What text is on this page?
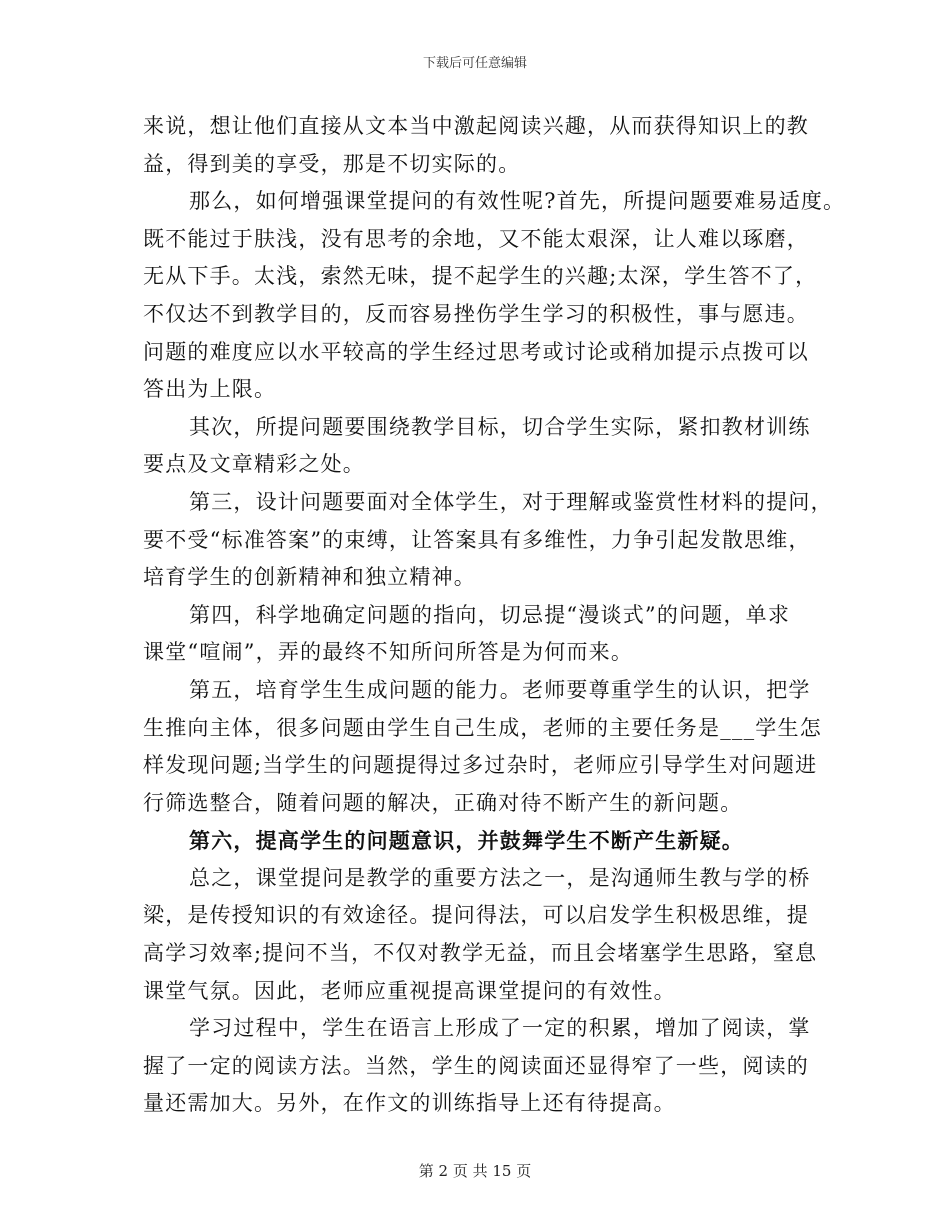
下载后可任意编辑
来说，想让他们直接从文本当中激起阅读兴趣，从而获得知识上的教
益，得到美的享受，那是不切实际的。
那么，如何增强课堂提问的有效性呢?首先，所提问题要难易适度。
既不能过于肤浅，没有思考的余地，又不能太艰深，让人难以琢磨，
无从下手。太浅，索然无味，提不起学生的兴趣;太深，学生答不了，
不仅达不到教学目的，反而容易挫伤学生学习的积极性，事与愿违。
问题的难度应以水平较高的学生经过思考或讨论或稍加提示点拨可以
答出为上限。
其次，所提问题要围绕教学目标，切合学生实际，紧扣教材训练
要点及文章精彩之处。
第三，设计问题要面对全体学生，对于理解或鉴赏性材料的提问，
要不受“标准答案”的束缚，让答案具有多维性，力争引起发散思维，
培育学生的创新精神和独立精神。
第四，科学地确定问题的指向，切忌提“漫谈式”的问题，单求
课堂“喧闹”，弄的最终不知所问所答是为何而来。
第五，培育学生生成问题的能力。老师要尊重学生的认识，把学
生推向主体，很多问题由学生自己生成，老师的主要任务是___学生怎
样发现问题;当学生的问题提得过多过杂时，老师应引导学生对问题进
行筛选整合，随着问题的解决，正确对待不断产生的新问题。
第六，提高学生的问题意识，并鼓舞学生不断产生新疑。
总之，课堂提问是教学的重要方法之一，是沟通师生教与学的桥
梁，是传授知识的有效途径。提问得法，可以启发学生积极思维，提
高学习效率;提问不当，不仅对教学无益，而且会堵塞学生思路，窒息
课堂气氛。因此，老师应重视提高课堂提问的有效性。
学习过程中，学生在语言上形成了一定的积累，增加了阅读，掌
握了一定的阅读方法。当然，学生的阅读面还显得窄了一些，阅读的
量还需加大。另外，在作文的训练指导上还有待提高。
第 2 页 共 15 页
